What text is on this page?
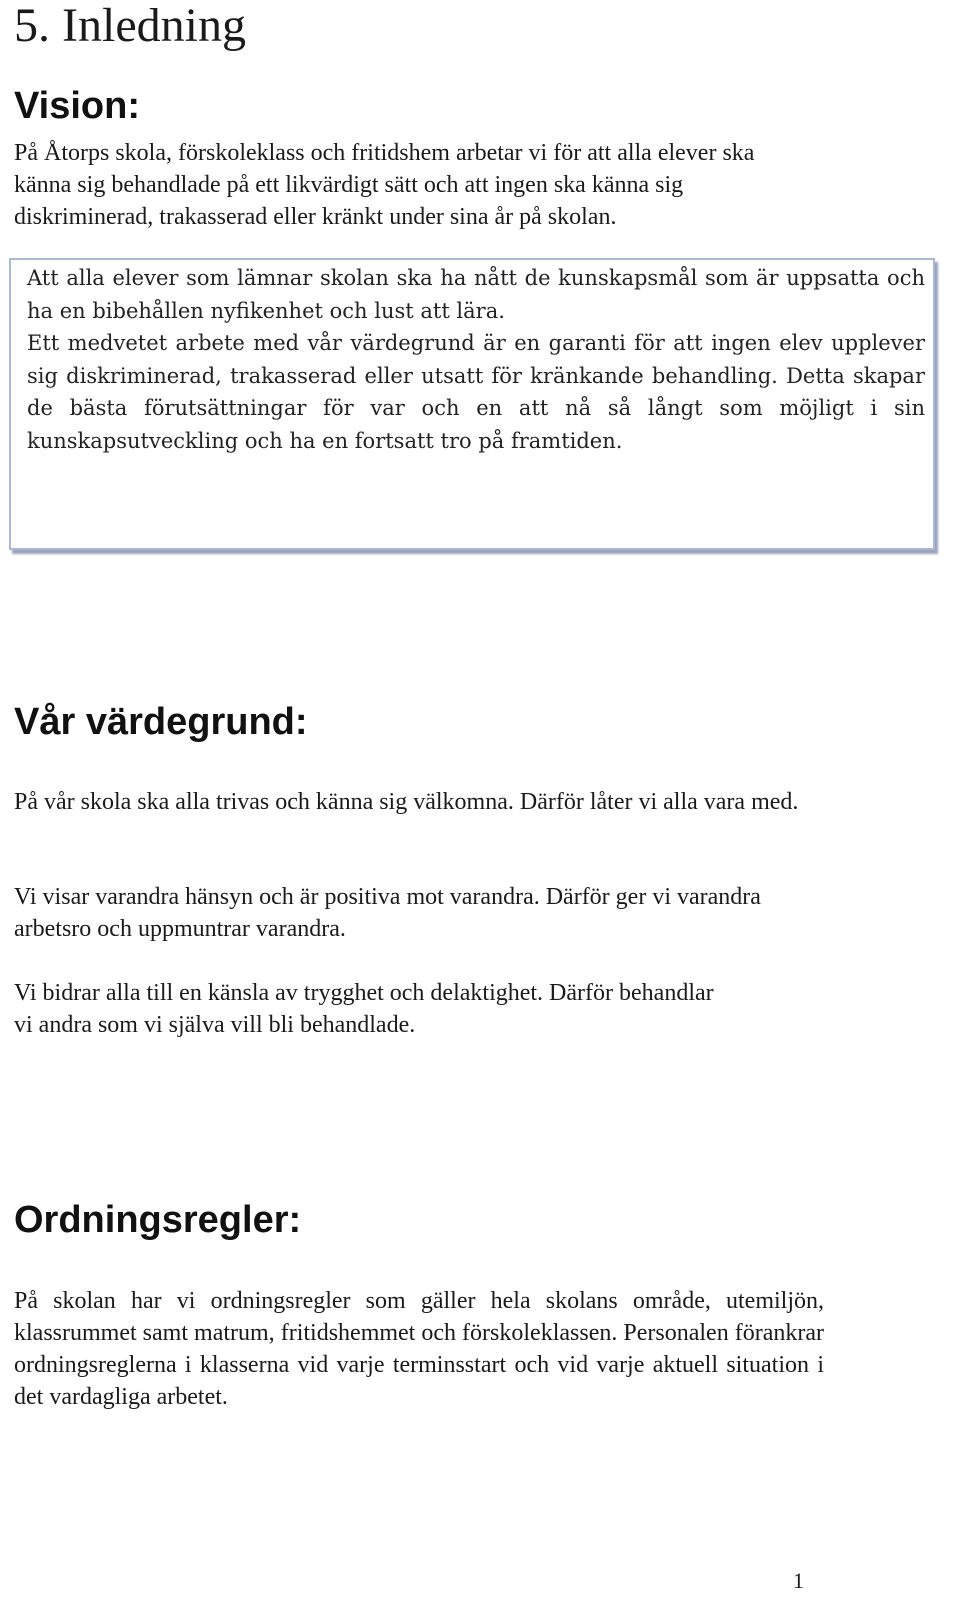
5. Inledning
Vision:

På Åtorps skola, förskoleklass och fritidshem arbetar vi för att alla elever ska känna sig behandlade på ett likvärdigt sätt och att ingen ska känna sig diskriminerad, trakasserad eller kränkt under sina år på skolan.

Att alla elever som lämnar skolan ska ha nått de kunskapsmål som är uppsatta och ha en bibehållen nyfikenhet och lust att lära.
Ett medvetet arbete med vår värdegrund är en garanti för att ingen elev upplever sig diskriminerad, trakasserad eller utsatt för kränkande behandling. Detta skapar de bästa förutsättningar för var och en att nå så långt som möjligt i sin kunskapsutveckling och ha en fortsatt tro på framtiden.

Vår värdegrund:

På vår skola ska alla trivas och känna sig välkomna. Därför låter vi alla vara med.

Vi visar varandra hänsyn och är positiva mot varandra. Därför ger vi varandra arbetsro och uppmuntrar varandra.

Vi bidrar alla till en känsla av trygghet och delaktighet. Därför behandlar vi andra som vi själva vill bli behandlade.

Ordningsregler:

På skolan har vi ordningsregler som gäller hela skolans område, utemiljön, klassrummet samt matrum, fritidshemmet och förskoleklassen. Personalen förankrar ordningsreglerna i klasserna vid varje terminsstart och vid varje aktuell situation i det vardagliga arbetet.

1
